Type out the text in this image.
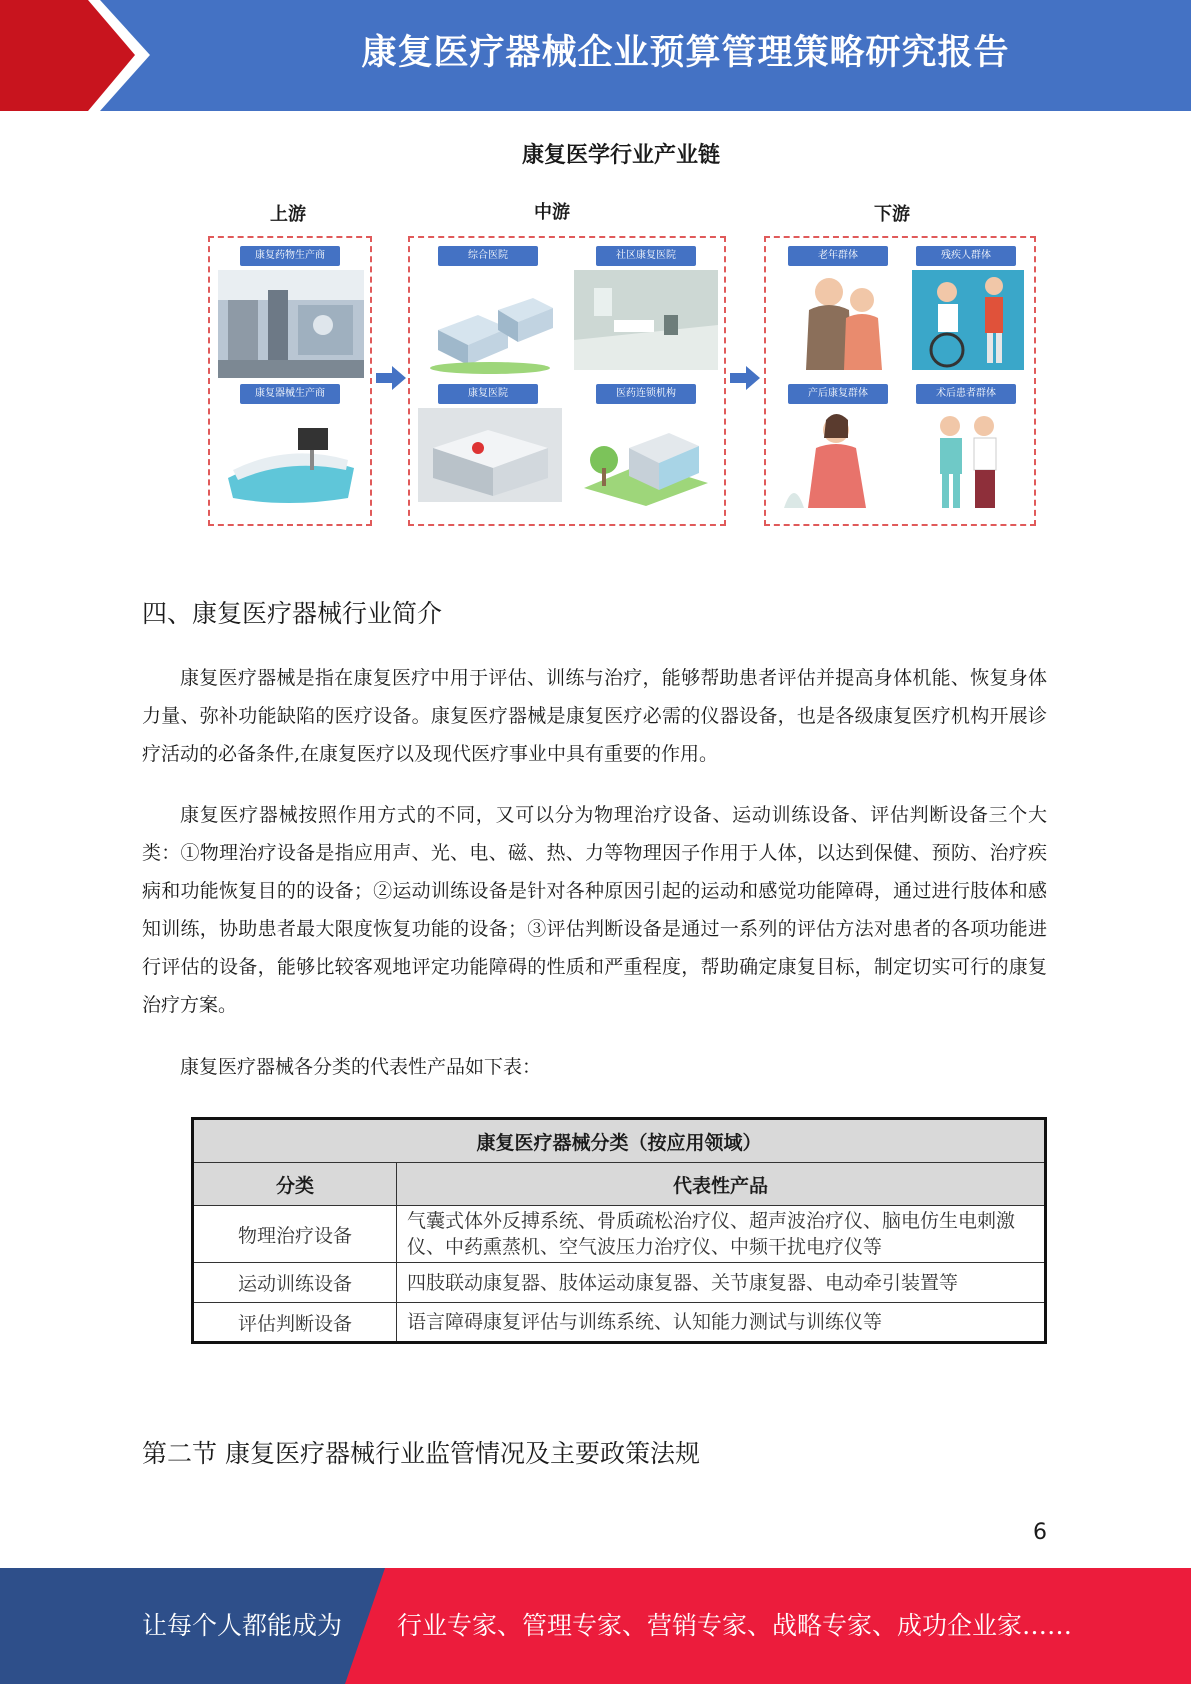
康复医疗器械企业预算管理策略研究报告
康复医学行业产业链
上游	中游	下游
康复药物生产商
康复器械生产商
综合医院	社区康复医院
康复医院	医药连锁机构
老年群体	残疾人群体
产后康复群体	术后患者群体
四、康复医疗器械行业简介

康复医疗器械是指在康复医疗中用于评估、训练与治疗，能够帮助患者评估并提高身体机能、恢复身体力量、弥补功能缺陷的医疗设备。康复医疗器械是康复医疗必需的仪器设备，也是各级康复医疗机构开展诊疗活动的必备条件,在康复医疗以及现代医疗事业中具有重要的作用。

康复医疗器械按照作用方式的不同，又可以分为物理治疗设备、运动训练设备、评估判断设备三个大类：①物理治疗设备是指应用声、光、电、磁、热、力等物理因子作用于人体，以达到保健、预防、治疗疾病和功能恢复目的的设备；②运动训练设备是针对各种原因引起的运动和感觉功能障碍，通过进行肢体和感知训练，协助患者最大限度恢复功能的设备；③评估判断设备是通过一系列的评估方法对患者的各项功能进行评估的设备，能够比较客观地评定功能障碍的性质和严重程度，帮助确定康复目标，制定切实可行的康复治疗方案。

康复医疗器械各分类的代表性产品如下表：

康复医疗器械分类（按应用领域）	
分类	代表性产品
物理治疗设备	气囊式体外反搏系统、骨质疏松治疗仪、超声波治疗仪、脑电仿生电刺激仪、中药熏蒸机、空气波压力治疗仪、中频干扰电疗仪等
运动训练设备	四肢联动康复器、肢体运动康复器、关节康复器、电动牵引装置等
评估判断设备	语言障碍康复评估与训练系统、认知能力测试与训练仪等
第二节 康复医疗器械行业监管情况及主要政策法规
6
让每个人都能成为 行业专家、管理专家、营销专家、战略专家、成功企业家……
